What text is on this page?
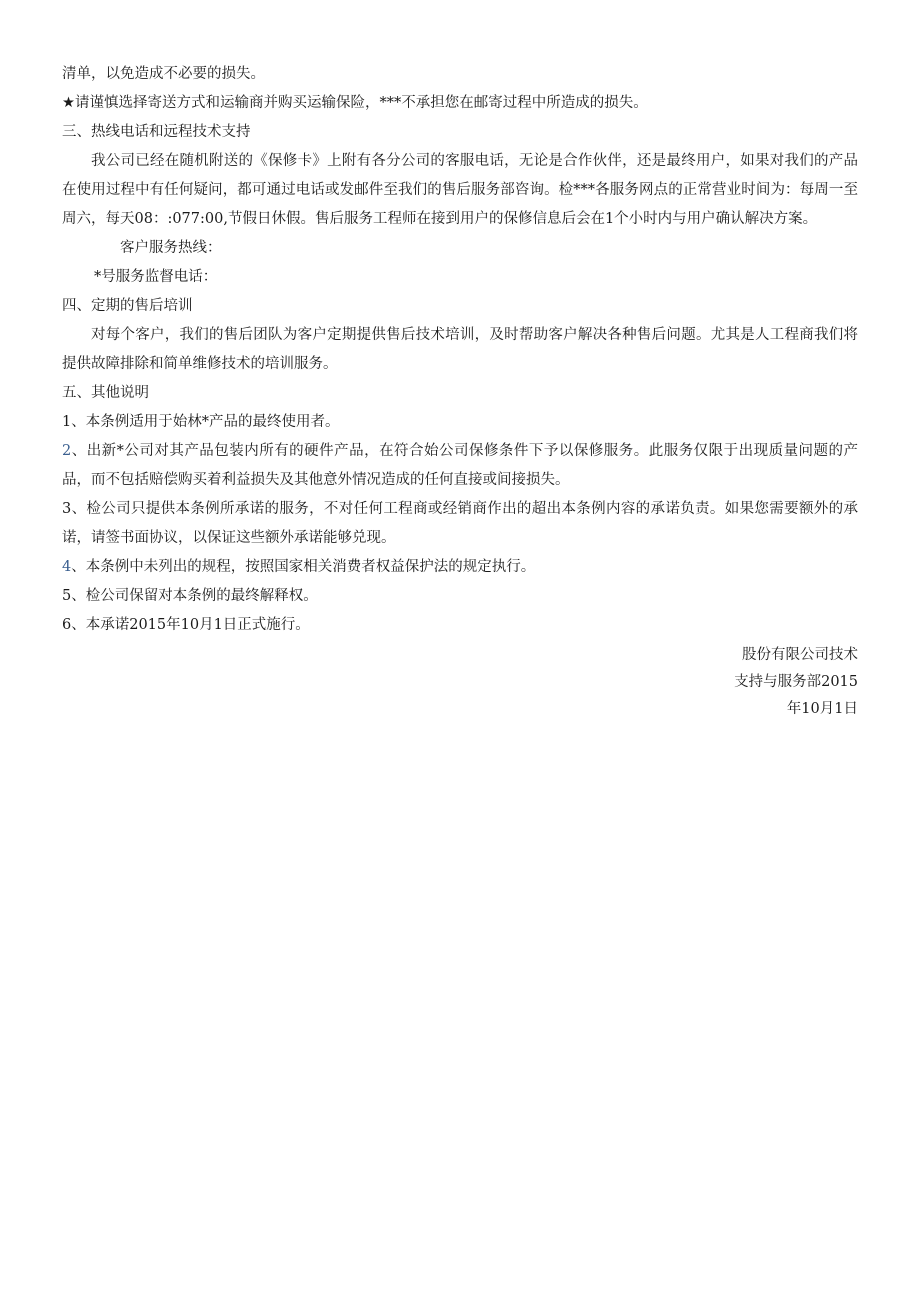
清单，以免造成不必要的损失。

★请谨慎选择寄送方式和运输商并购买运输保险，***不承担您在邮寄过程中所造成的损失。

三、热线电话和远程技术支持

我公司已经在随机附送的《保修卡》上附有各分公司的客服电话，无论是合作伙伴，还是最终用户，如果对我们的产品在使用过程中有任何疑问，都可通过电话或发邮件至我们的售后服务部咨询。检***各服务网点的正常营业时间为：每周一至周六，每天08：:077:00,节假日休假。售后服务工程师在接到用户的保修信息后会在1个小时内与用户确认解决方案。

客户服务热线：

*号服务监督电话：

四、定期的售后培训

对每个客户，我们的售后团队为客户定期提供售后技术培训，及时帮助客户解决各种售后问题。尤其是人工程商我们将提供故障排除和简单维修技术的培训服务。

五、其他说明

1、本条例适用于始林*产品的最终使用者。

2、出新*公司对其产品包装内所有的硬件产品，在符合始公司保修条件下予以保修服务。此服务仅限于出现质量问题的产品，而不包括赔偿购买着利益损失及其他意外情况造成的任何直接或间接损失。

3、检公司只提供本条例所承诺的服务，不对任何工程商或经销商作出的超出本条例内容的承诺负责。如果您需要额外的承诺，请签书面协议，以保证这些额外承诺能够兑现。

4、本条例中未列出的规程，按照国家相关消费者权益保护法的规定执行。

5、检公司保留对本条例的最终解释权。

6、本承诺2015年10月1日正式施行。

股份有限公司技术

支持与服务部2015

年10月1日
